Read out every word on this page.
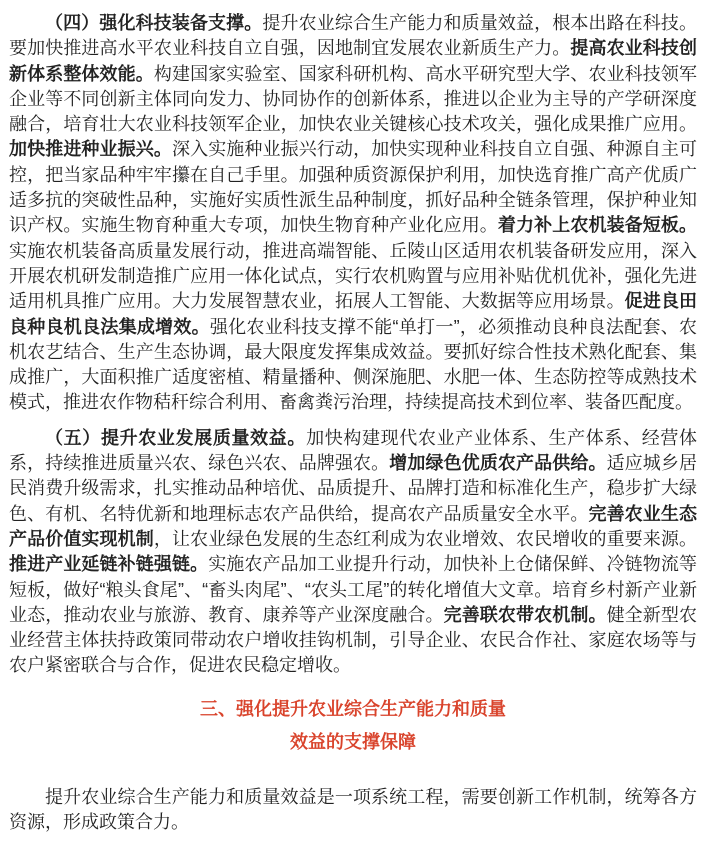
（四）强化科技装备支撑。提升农业综合生产能力和质量效益，根本出路在科技。要加快推进高水平农业科技自立自强，因地制宜发展农业新质生产力。提高农业科技创新体系整体效能。构建国家实验室、国家科研机构、高水平研究型大学、农业科技领军企业等不同创新主体同向发力、协同协作的创新体系，推进以企业为主导的产学研深度融合，培育壮大农业科技领军企业，加快农业关键核心技术攻关，强化成果推广应用。加快推进种业振兴。深入实施种业振兴行动，加快实现种业科技自立自强、种源自主可控，把当家品种牢牢攥在自己手里。加强种质资源保护利用，加快选育推广高产优质广适多抗的突破性品种，实施好实质性派生品种制度，抓好品种全链条管理，保护种业知识产权。实施生物育种重大专项，加快生物育种产业化应用。着力补上农机装备短板。实施农机装备高质量发展行动，推进高端智能、丘陵山区适用农机装备研发应用，深入开展农机研发制造推广应用一体化试点，实行农机购置与应用补贴优机优补，强化先进适用机具推广应用。大力发展智慧农业，拓展人工智能、大数据等应用场景。促进良田良种良机良法集成增效。强化农业科技支撑不能“单打一”，必须推动良种良法配套、农机农艺结合、生产生态协调，最大限度发挥集成效益。要抓好综合性技术熟化配套、集成推广，大面积推广适度密植、精量播种、侧深施肥、水肥一体、生态防控等成熟技术模式，推进农作物秸秆综合利用、畜禽粪污治理，持续提高技术到位率、装备匹配度。

（五）提升农业发展质量效益。加快构建现代农业产业体系、生产体系、经营体系，持续推进质量兴农、绿色兴农、品牌强农。增加绿色优质农产品供给。适应城乡居民消费升级需求，扎实推动品种培优、品质提升、品牌打造和标准化生产，稳步扩大绿色、有机、名特优新和地理标志农产品供给，提高农产品质量安全水平。完善农业生态产品价值实现机制，让农业绿色发展的生态红利成为农业增效、农民增收的重要来源。推进产业延链补链强链。实施农产品加工业提升行动，加快补上仓储保鲜、冷链物流等短板，做好“粮头食尾”、“畜头肉尾”、“农头工尾”的转化增值大文章。培育乡村新产业新业态，推动农业与旅游、教育、康养等产业深度融合。完善联农带农机制。健全新型农业经营主体扶持政策同带动农户增收挂钩机制，引导企业、农民合作社、家庭农场等与农户紧密联合与合作，促进农民稳定增收。

三、强化提升农业综合生产能力和质量
效益的支撑保障

提升农业综合生产能力和质量效益是一项系统工程，需要创新工作机制，统筹各方资源，形成政策合力。
